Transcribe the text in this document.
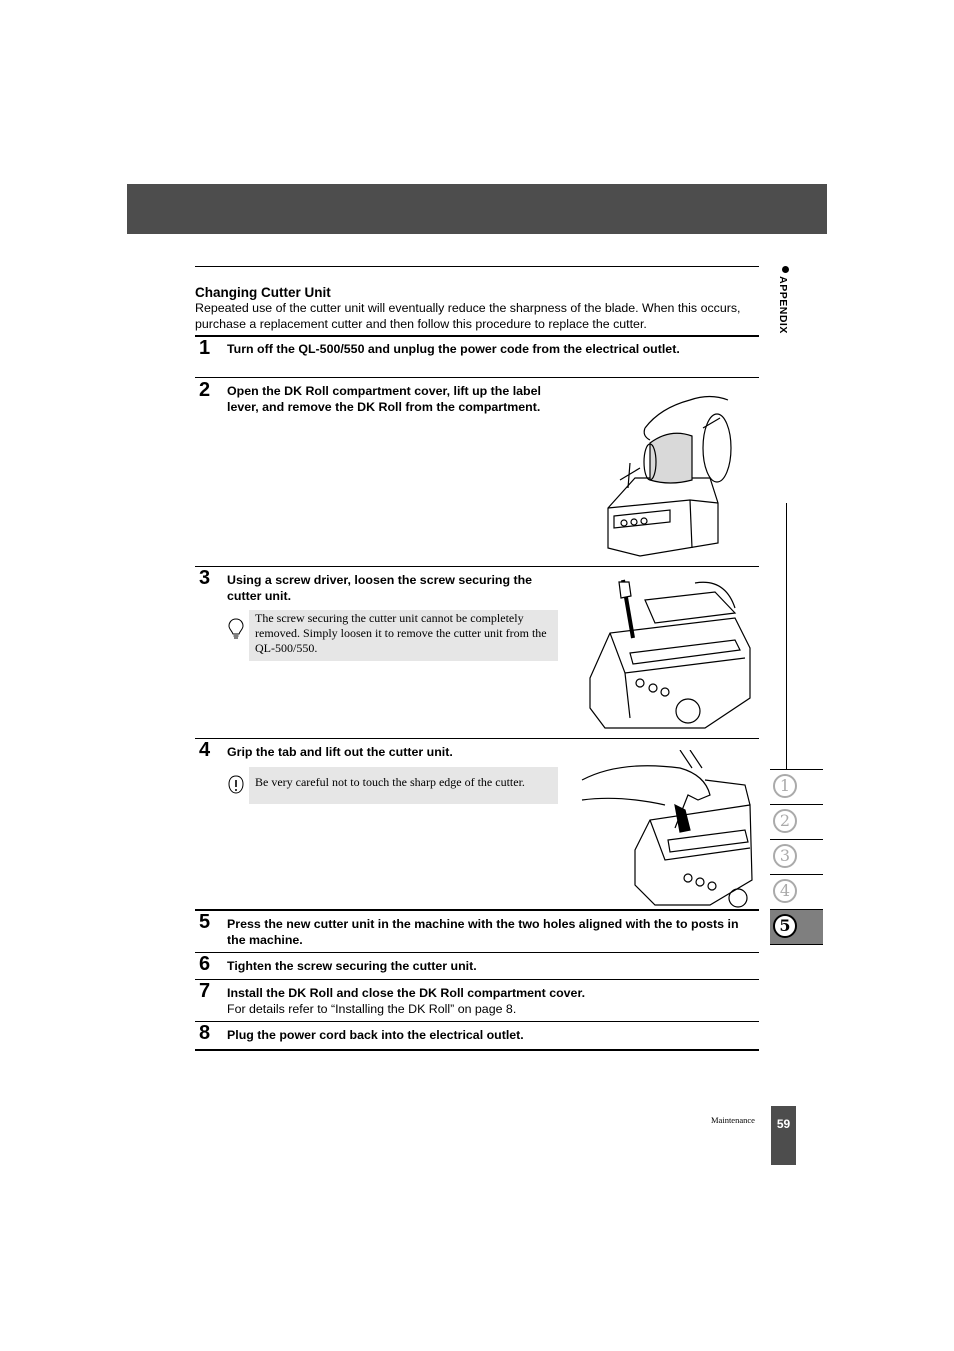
APPENDIX
1
2
3
4
5
Changing Cutter Unit
Repeated use of the cutter unit will eventually reduce the sharpness of the blade. When this occurs, purchase a replacement cutter and then follow this procedure to replace the cutter.
1 Turn off the QL-500/550 and unplug the power code from the electrical outlet.
2 Open the DK Roll compartment cover, lift up the label lever, and remove the DK Roll from the compartment.
3 Using a screw driver, loosen the screw securing the cutter unit.
The screw securing the cutter unit cannot be completely removed. Simply loosen it to remove the cutter unit from the QL-500/550.
4 Grip the tab and lift out the cutter unit.
Be very careful not to touch the sharp edge of the cutter.
5 Press the new cutter unit in the machine with the two holes aligned with the to posts in the machine.
6 Tighten the screw securing the cutter unit.
7 Install the DK Roll and close the DK Roll compartment cover.
For details refer to “Installing the DK Roll” on page 8.
8 Plug the power cord back into the electrical outlet.
Maintenance	59
